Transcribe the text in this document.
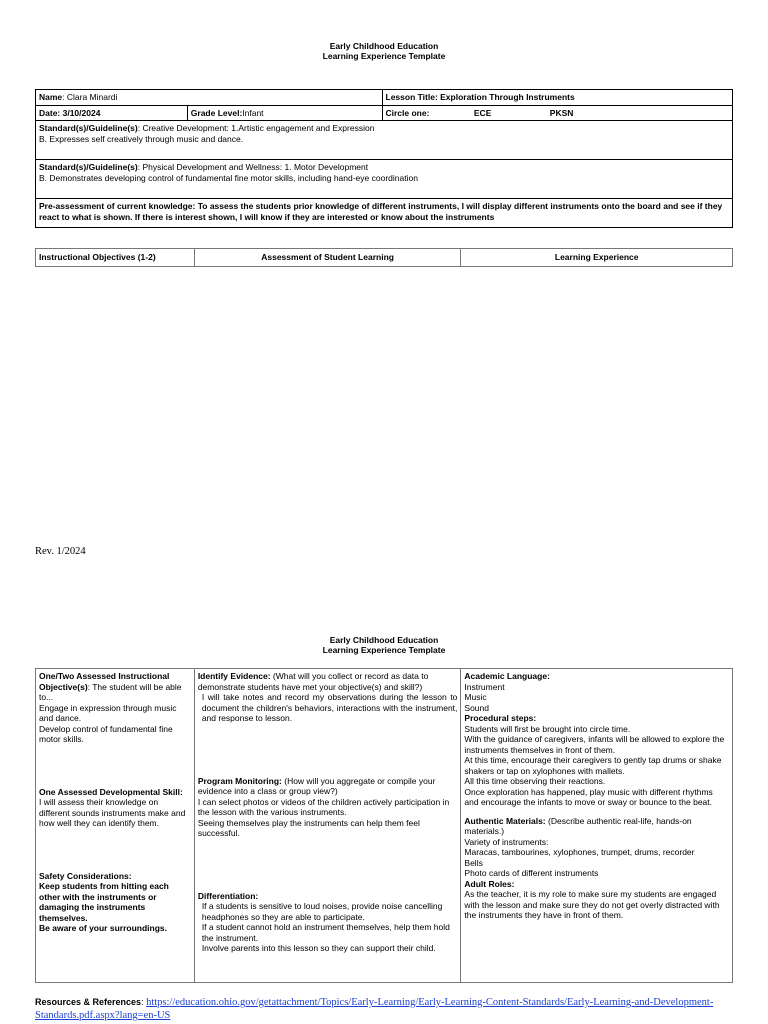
Early Childhood Education
Learning Experience Template
Name: Clara Minardi		Lesson Title: Exploration Through Instruments		
Date: 3/10/2024	Grade Level:Infant	Circle one:	ECE	PKSN
Standard(s)/Guideline(s): Creative Development: 1.Artistic engagement and Expression
B. Expresses self creatively through music and dance.				
Standard(s)/Guideline(s): Physical Development and Wellness: 1. Motor Development
B. Demonstrates developing control of fundamental fine motor skills, including hand-eye coordination				
Pre-assessment of current knowledge: To assess the students prior knowledge of different instruments, I will display different instruments onto the board and see if they react to what is shown. If there is interest shown, I will know if they are interested or know about the instruments				
Instructional Objectives (1-2)	Assessment of Student Learning	Learning Experience
Rev. 1/2024
Early Childhood Education
Learning Experience Template
One/Two Assessed Instructional Objective(s): The student will be able to...
Engage in expression through music and dance.
Develop control of fundamental fine motor skills.
One Assessed Developmental Skill:
I will assess their knowledge on different sounds instruments make and how well they can identify them.
Safety Considerations:
Keep students from hitting each other with the instruments or damaging the instruments themselves.
Be aware of your surroundings.	Identify Evidence: (What will you collect or record as data to demonstrate students have met your objective(s) and skill?)

I will take notes and record my observations during the lesson to document the children's behaviors, interactions with the instrument, and response to lesson.
Program Monitoring: (How will you aggregate or compile your evidence into a class or group view?)
I can select photos or videos of the children actively participation in the lesson with the various instruments.
Seeing themselves play the instruments can help them feel successful.
Differentiation:
If a students is sensitive to loud noises, provide noise cancelling headphones so they are able to participate.
If a student cannot hold an instrument themselves, help them hold the instrument.
Involve parents into this lesson so they can support their child.
	Academic Language:
Instrument
Music
Sound
Procedural steps:
Students will first be brought into circle time.
With the guidance of caregivers, infants will be allowed to explore the instruments themselves in front of them.
At this time, encourage their caregivers to gently tap drums or shake shakers or tap on xylophones with mallets.
All this time observing their reactions.
Once exploration has happened, play music with different rhythms and encourage the infants to move or sway or bounce to the beat.
Authentic Materials: (Describe authentic real-life, hands-on materials.)
Variety of instruments:
Maracas, tambourines, xylophones, trumpet, drums, recorder
Bells
Photo cards of different instruments
Adult Roles:
As the teacher, it is my role to make sure my students are engaged with the lesson and make sure they do not get overly distracted with the instruments they have in front of them.
Resources & References: https://education.ohio.gov/getattachment/Topics/Early-Learning/Early-Learning-Content-Standards/Early-Learning-and-Development-Standards.pdf.aspx?lang=en-US
